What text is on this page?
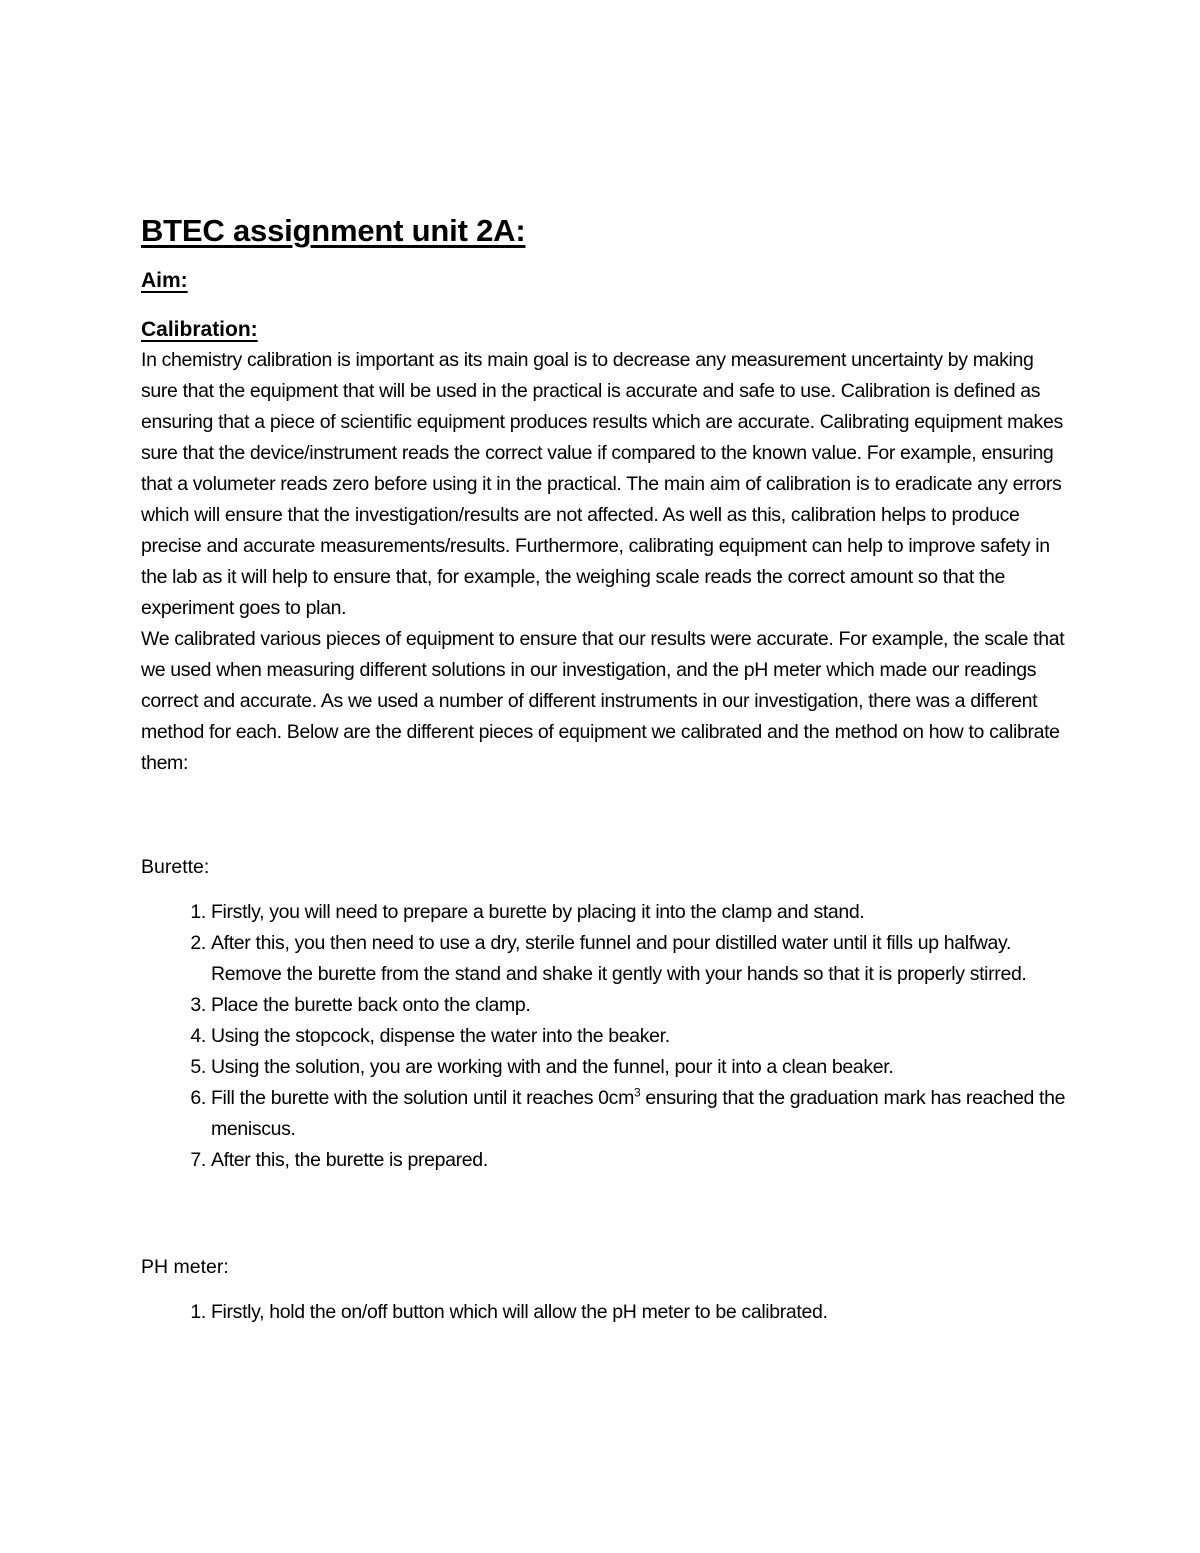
BTEC assignment unit 2A:
Aim:
Calibration:

In chemistry calibration is important as its main goal is to decrease any measurement uncertainty by making sure that the equipment that will be used in the practical is accurate and safe to use. Calibration is defined as ensuring that a piece of scientific equipment produces results which are accurate. Calibrating equipment makes sure that the device/instrument reads the correct value if compared to the known value. For example, ensuring that a volumeter reads zero before using it in the practical. The main aim of calibration is to eradicate any errors which will ensure that the investigation/results are not affected. As well as this, calibration helps to produce precise and accurate measurements/results. Furthermore, calibrating equipment can help to improve safety in the lab as it will help to ensure that, for example, the weighing scale reads the correct amount so that the experiment goes to plan.

We calibrated various pieces of equipment to ensure that our results were accurate. For example, the scale that we used when measuring different solutions in our investigation, and the pH meter which made our readings correct and accurate. As we used a number of different instruments in our investigation, there was a different method for each. Below are the different pieces of equipment we calibrated and the method on how to calibrate them:

Burette:

1. Firstly, you will need to prepare a burette by placing it into the clamp and stand.
2. After this, you then need to use a dry, sterile funnel and pour distilled water until it fills up halfway. Remove the burette from the stand and shake it gently with your hands so that it is properly stirred.
3. Place the burette back onto the clamp.
4. Using the stopcock, dispense the water into the beaker.
5. Using the solution, you are working with and the funnel, pour it into a clean beaker.
6. Fill the burette with the solution until it reaches $0cm^3$ ensuring that the graduation mark has reached the meniscus.
7. After this, the burette is prepared.

PH meter:

1. Firstly, hold the on/off button which will allow the pH meter to be calibrated.
